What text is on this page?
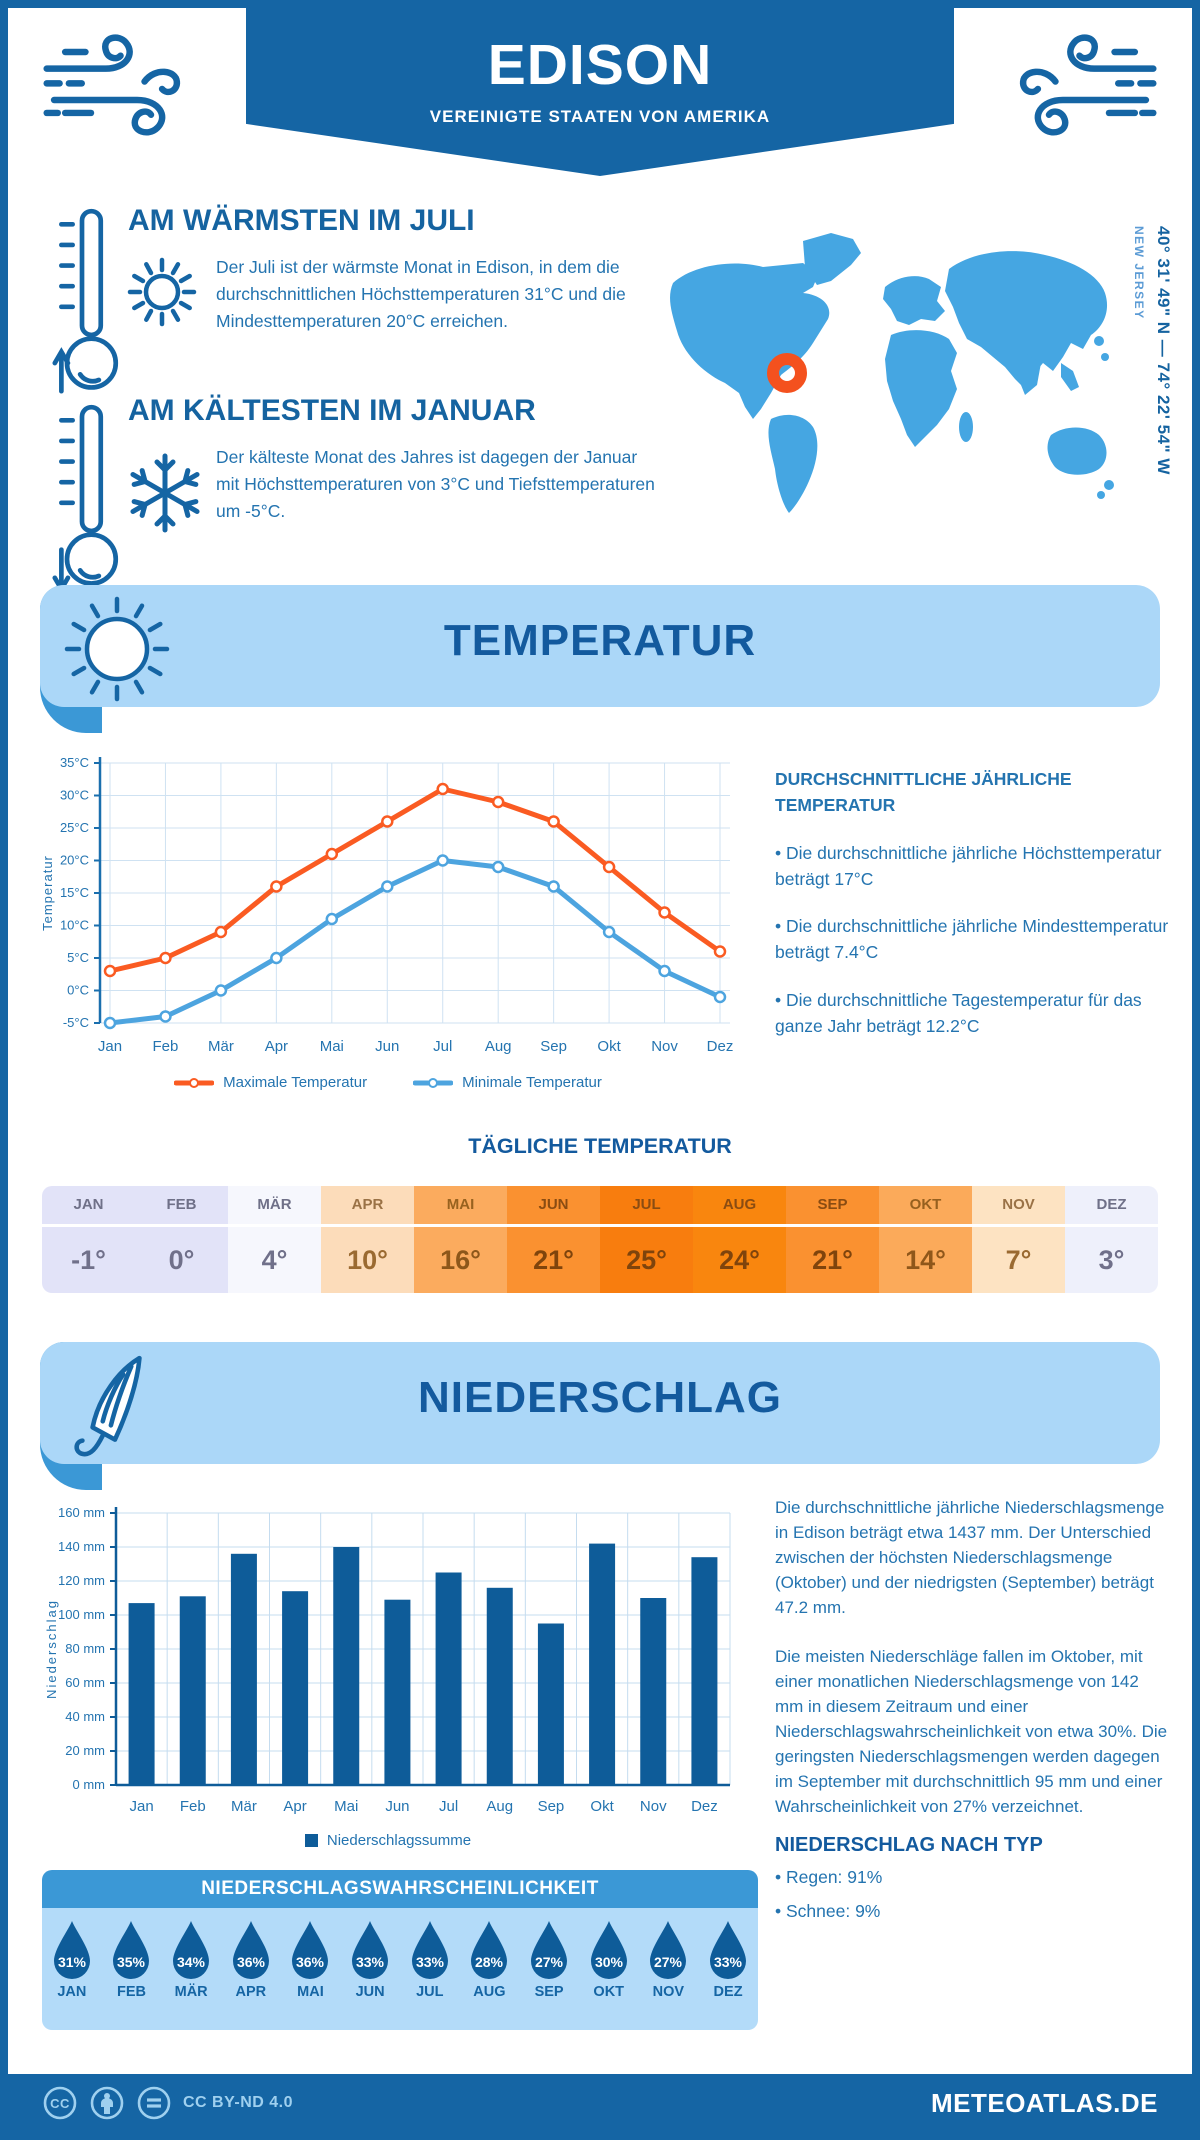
EDISON
VEREINIGTE STAATEN VON AMERIKA
AM WÄRMSTEN IM JULI
Der Juli ist der wärmste Monat in Edison, in dem die durchschnittlichen Höchsttemperaturen 31°C und die Mindesttemperaturen 20°C erreichen.
AM KÄLTESTEN IM JANUAR
Der kälteste Monat des Jahres ist dagegen der Januar mit Höchsttemperaturen von 3°C und Tiefsttemperaturen um -5°C.
NEW JERSEY 40° 31' 49" N — 74° 22' 54" W
TEMPERATUR
-5°C
0°C
5°C
10°C
15°C
20°C
25°C
30°C
35°C
Jan Feb Mär Apr Mai Jun Jul Aug Sep Okt Nov Dez
Temperatur
Maximale Temperatur	Minimale Temperatur

DURCHSCHNITTLICHE JÄHRLICHE TEMPERATUR

• Die durchschnittliche jährliche Höchsttemperatur beträgt 17°C

• Die durchschnittliche jährliche Mindesttemperatur beträgt 7.4°C

• Die durchschnittliche Tagestemperatur für das ganze Jahr beträgt 12.2°C

TÄGLICHE TEMPERATUR
JAN
-1°
FEB
0°
MÄR
4°
APR
10°
MAI
16°
JUN
21°
JUL
25°
AUG
24°
SEP
21°
OKT
14°
NOV
7°
DEZ
3°
NIEDERSCHLAG
0 mm
20 mm
40 mm
60 mm
80 mm
100 mm
120 mm
140 mm
160 mm
Jan Feb Mär Apr Mai Jun Jul Aug Sep Okt Nov Dez
Niederschlag
Niederschlagssumme

Die durchschnittliche jährliche Niederschlagsmenge in Edison beträgt etwa 1437 mm. Der Unterschied zwischen der höchsten Niederschlagsmenge (Oktober) und der niedrigsten (September) beträgt 47.2 mm.

Die meisten Niederschläge fallen im Oktober, mit einer monatlichen Niederschlagsmenge von 142 mm in diesem Zeitraum und einer Niederschlagswahrscheinlichkeit von etwa 30%. Die geringsten Niederschlagsmengen werden dagegen im September mit durchschnittlich 95 mm und einer Wahrscheinlichkeit von 27% verzeichnet.

NIEDERSCHLAG NACH TYP

• Regen: 91%

• Schnee: 9%

NIEDERSCHLAGSWAHRSCHEINLICHKEIT
31%
JAN
35%
FEB
34%
MÄR
36%
APR
36%
MAI
33%
JUN
33%
JUL
28%
AUG
27%
SEP
30%
OKT
27%
NOV
33%
DEZ
CC	CC BY-ND 4.0	METEOATLAS.DE
